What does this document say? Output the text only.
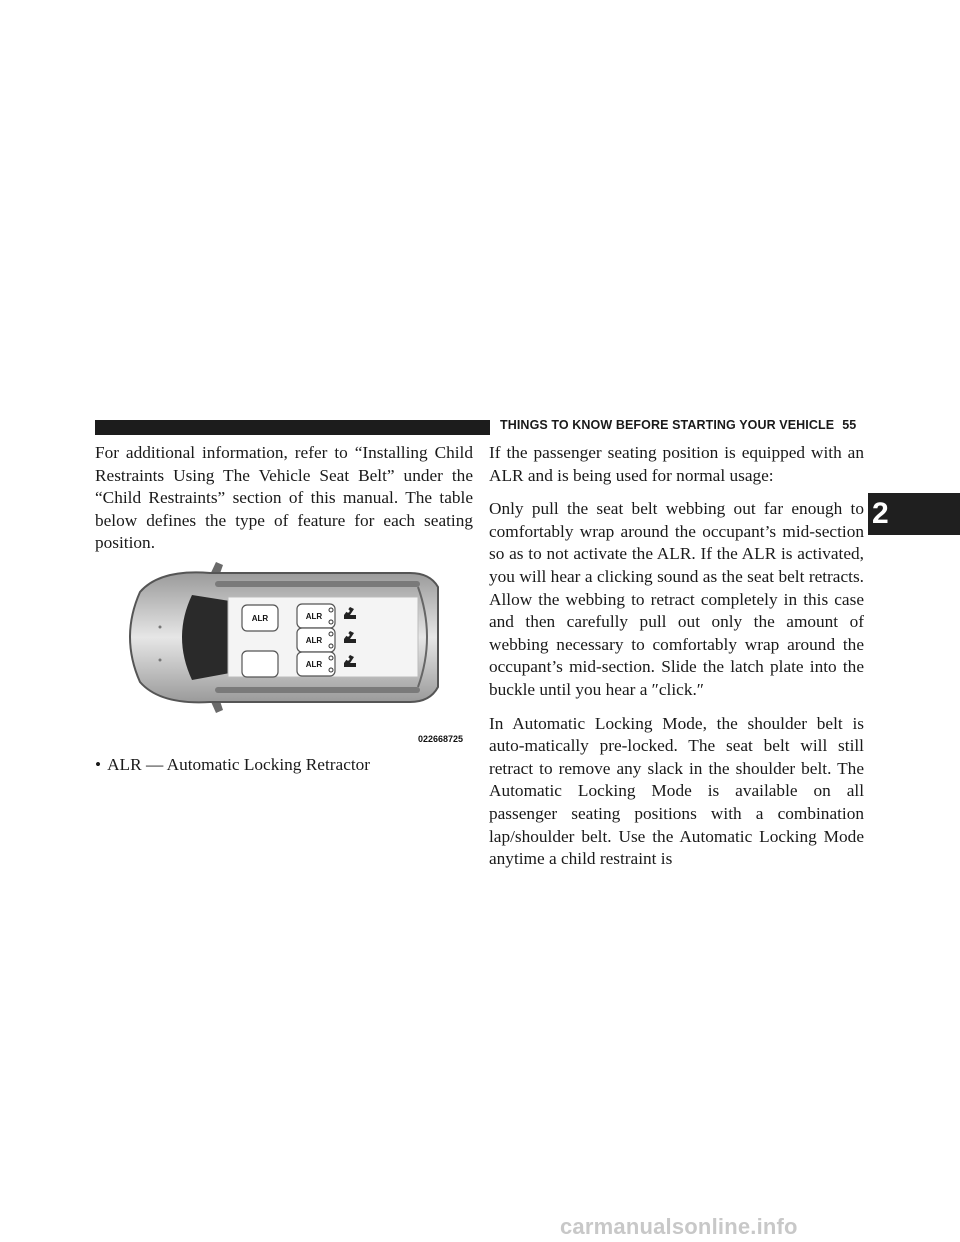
THINGS TO KNOW BEFORE STARTING YOUR VEHICLE 55
2

For additional information, refer to “Installing Child Restraints Using The Vehicle Seat Belt” under the “Child Restraints” section of this manual. The table below defines the type of feature for each seating position.

ALR	ALR
ALR
ALR
022668725
• ALR — Automatic Locking Retractor

If the passenger seating position is equipped with an ALR and is being used for normal usage:

Only pull the seat belt webbing out far enough to comfortably wrap around the occupant’s mid-section so as to not activate the ALR. If the ALR is activated, you will hear a clicking sound as the seat belt retracts. Allow the webbing to retract completely in this case and then carefully pull out only the amount of webbing necessary to comfortably wrap around the occupant’s mid-section. Slide the latch plate into the buckle until you hear a ″click.″

In Automatic Locking Mode, the shoulder belt is auto-matically pre-locked. The seat belt will still retract to remove any slack in the shoulder belt. The Automatic Locking Mode is available on all passenger seating positions with a combination lap/shoulder belt. Use the Automatic Locking Mode anytime a child restraint is

carmanualsonline.info
